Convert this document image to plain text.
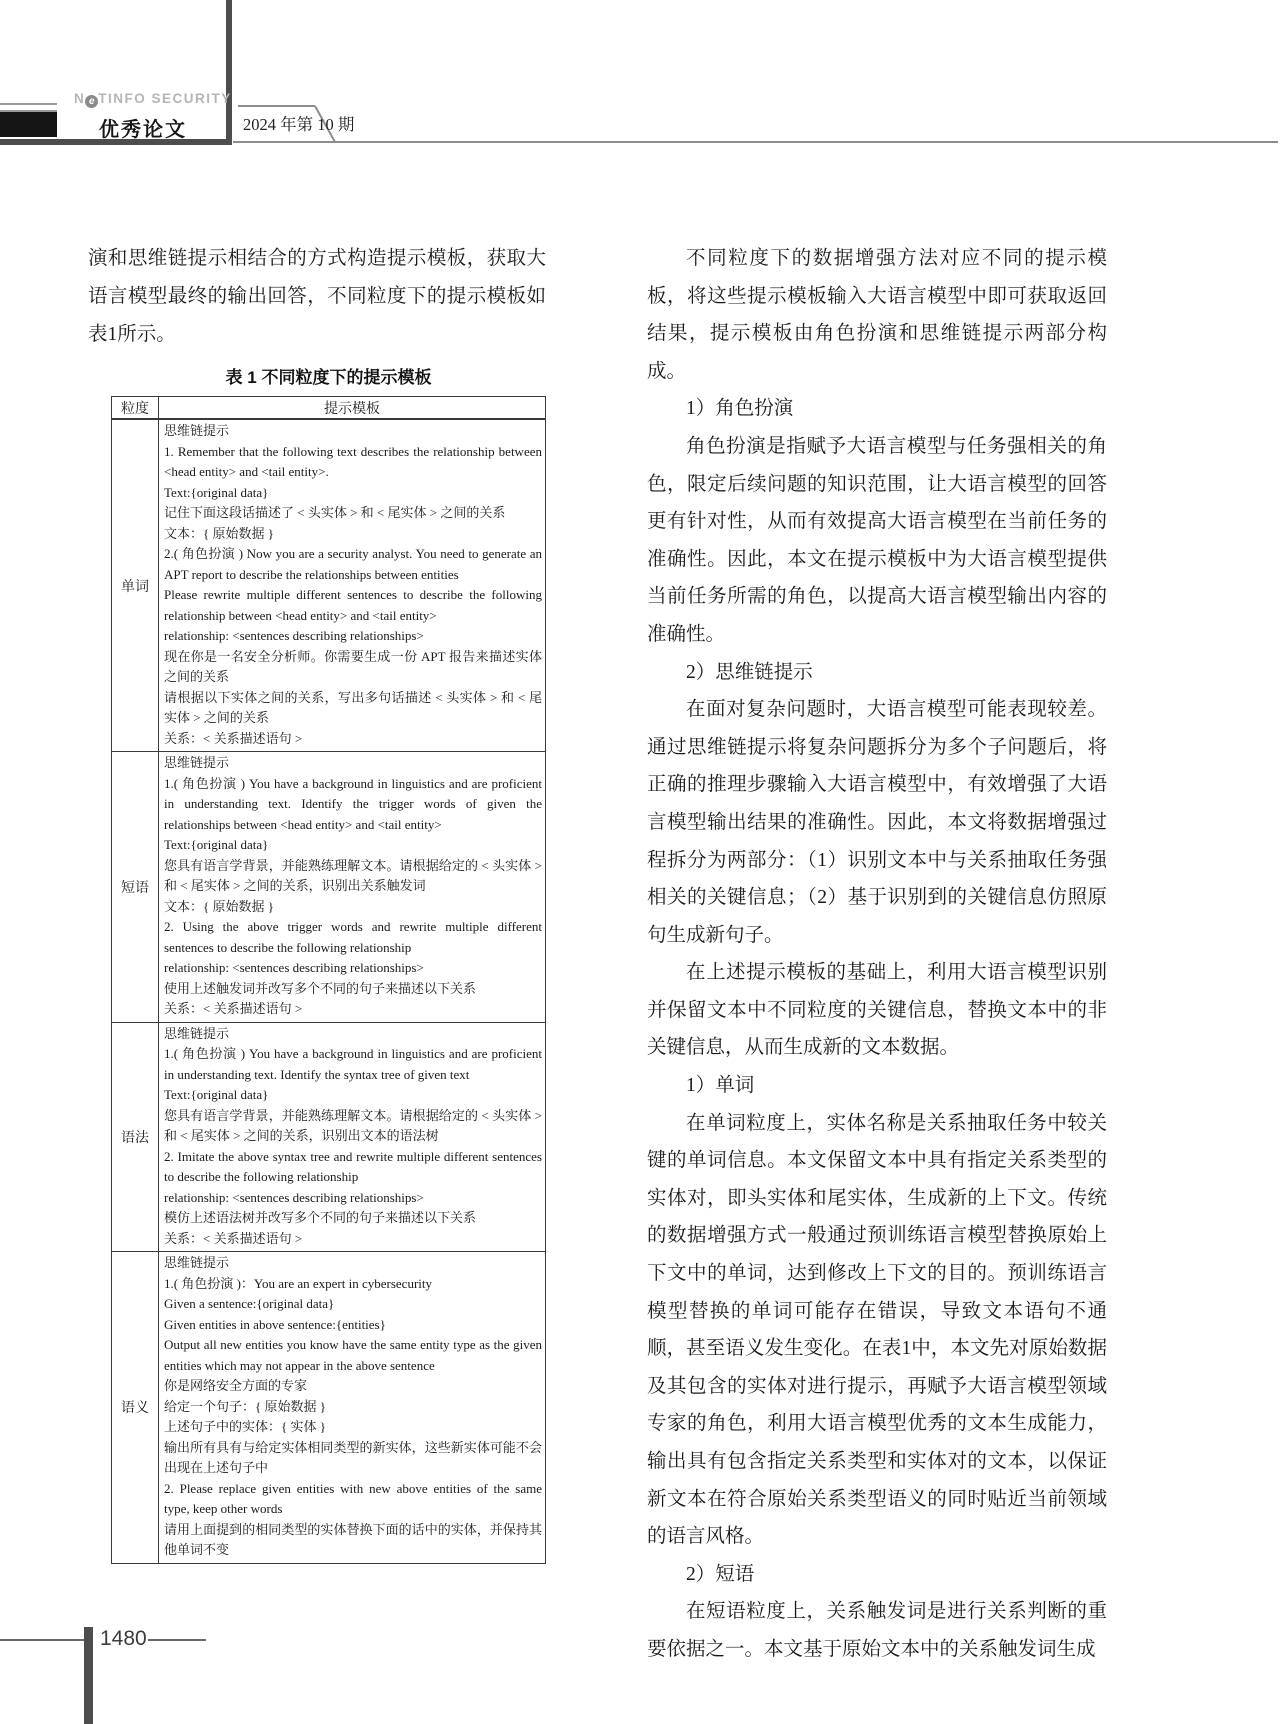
N e TINFO SECURITY
优秀论文	2024 年第 10 期

演和思维链提示相结合的方式构造提示模板，获取大语言模型最终的输出回答，不同粒度下的提示模板如表1所示。

表 1 不同粒度下的提示模板
粒度	提示模板
单词	
思维链提示
1. Remember that the following text describes the relationship between <head entity> and <tail entity>.
Text:{original data}
记住下面这段话描述了 < 头实体 > 和 < 尾实体 > 之间的关系
文本：{ 原始数据 }
2.( 角色扮演 ) Now you are a security analyst. You need to generate an APT report to describe the relationships between entities
Please rewrite multiple different sentences to describe the following relationship between <head entity> and <tail entity>
relationship: <sentences describing relationships>
现在你是一名安全分析师。你需要生成一份 APT 报告来描述实体之间的关系
请根据以下实体之间的关系，写出多句话描述 < 头实体 > 和 < 尾实体 > 之间的关系
关系：< 关系描述语句 >

短语	
思维链提示
1.( 角色扮演 ) You have a background in linguistics and are proficient in understanding text. Identify the trigger words of given the relationships between <head entity> and <tail entity>
Text:{original data}
您具有语言学背景，并能熟练理解文本。请根据给定的 < 头实体 > 和 < 尾实体 > 之间的关系，识别出关系触发词
文本：{ 原始数据 }
2. Using the above trigger words and rewrite multiple different sentences to describe the following relationship
relationship: <sentences describing relationships>
使用上述触发词并改写多个不同的句子来描述以下关系
关系：< 关系描述语句 >

语法	
思维链提示
1.( 角色扮演 ) You have a background in linguistics and are proficient in understanding text. Identify the syntax tree of given text
Text:{original data}
您具有语言学背景，并能熟练理解文本。请根据给定的 < 头实体 > 和 < 尾实体 > 之间的关系，识别出文本的语法树
2. Imitate the above syntax tree and rewrite multiple different sentences to describe the following relationship
relationship: <sentences describing relationships>
模仿上述语法树并改写多个不同的句子来描述以下关系
关系：< 关系描述语句 >

语义	
思维链提示
1.( 角色扮演 )：You are an expert in cybersecurity
Given a sentence:{original data}
Given entities in above sentence:{entities}
Output all new entities you know have the same entity type as the given entities which may not appear in the above sentence
你是网络安全方面的专家
给定一个句子：{ 原始数据 }
上述句子中的实体：{ 实体 }
输出所有具有与给定实体相同类型的新实体，这些新实体可能不会出现在上述句子中
2. Please replace given entities with new above entities of the same type, keep other words
请用上面提到的相同类型的实体替换下面的话中的实体，并保持其他单词不变

不同粒度下的数据增强方法对应不同的提示模板，将这些提示模板输入大语言模型中即可获取返回结果，提示模板由角色扮演和思维链提示两部分构成。

1）角色扮演

角色扮演是指赋予大语言模型与任务强相关的角色，限定后续问题的知识范围，让大语言模型的回答更有针对性，从而有效提高大语言模型在当前任务的准确性。因此，本文在提示模板中为大语言模型提供当前任务所需的角色，以提高大语言模型输出内容的准确性。

2）思维链提示

在面对复杂问题时，大语言模型可能表现较差。通过思维链提示将复杂问题拆分为多个子问题后，将正确的推理步骤输入大语言模型中，有效增强了大语言模型输出结果的准确性。因此，本文将数据增强过程拆分为两部分：（1）识别文本中与关系抽取任务强相关的关键信息；（2）基于识别到的关键信息仿照原句生成新句子。

在上述提示模板的基础上，利用大语言模型识别并保留文本中不同粒度的关键信息，替换文本中的非关键信息，从而生成新的文本数据。

1）单词

在单词粒度上，实体名称是关系抽取任务中较关键的单词信息。本文保留文本中具有指定关系类型的实体对，即头实体和尾实体，生成新的上下文。传统的数据增强方式一般通过预训练语言模型替换原始上下文中的单词，达到修改上下文的目的。预训练语言模型替换的单词可能存在错误，导致文本语句不通顺，甚至语义发生变化。在表1中，本文先对原始数据及其包含的实体对进行提示，再赋予大语言模型领域专家的角色，利用大语言模型优秀的文本生成能力，输出具有包含指定关系类型和实体对的文本，以保证新文本在符合原始关系类型语义的同时贴近当前领域的语言风格。

2）短语

在短语粒度上，关系触发词是进行关系判断的重要依据之一。本文基于原始文本中的关系触发词生成

1480
